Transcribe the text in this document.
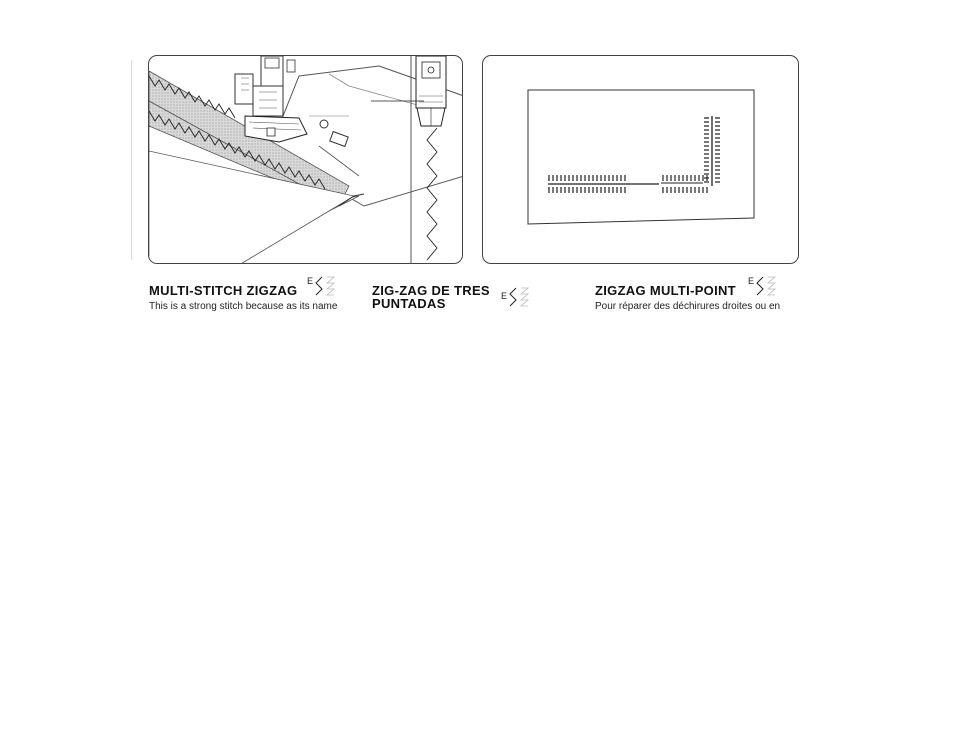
MULTI-STITCH ZIGZAG
E
This is a strong stitch because as its name
ZIG-ZAG DE TRES
PUNTADAS	E	ZIGZAG MULTI-POINT
E
Pour réparer des déchirures droites ou en
